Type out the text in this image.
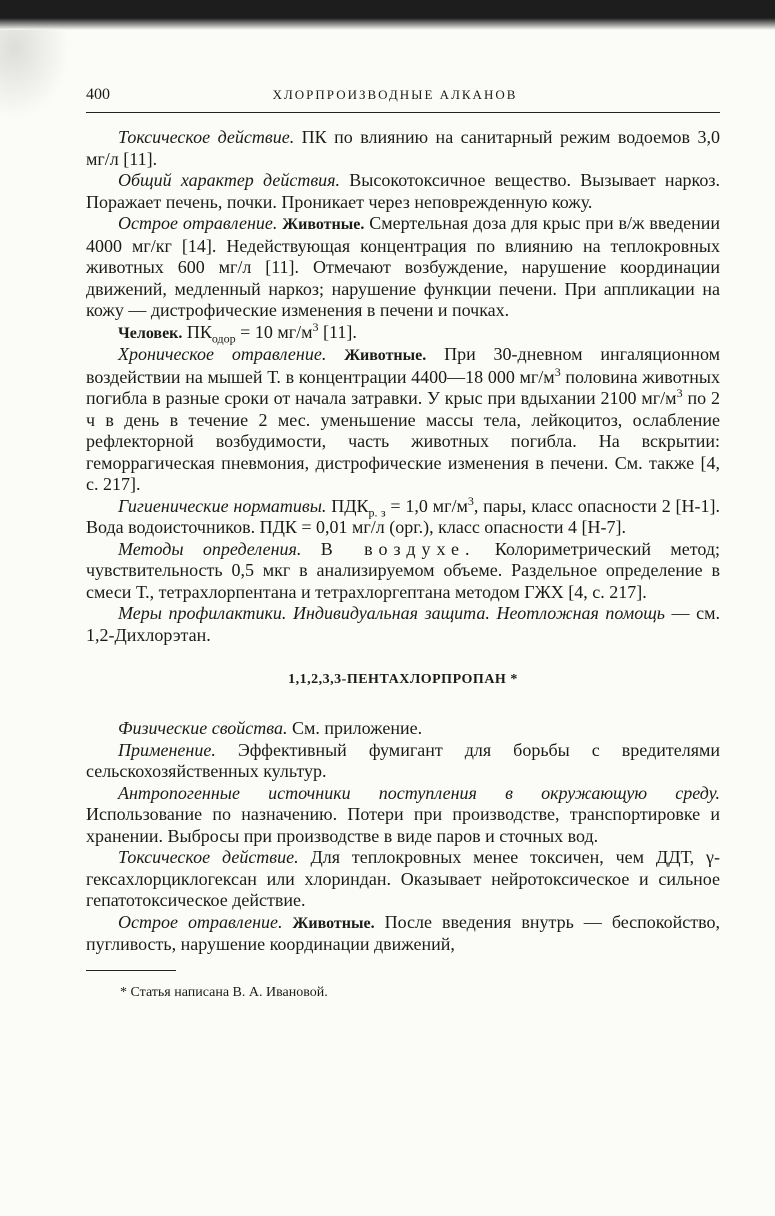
400	ХЛОРПРОИЗВОДНЫЕ АЛКАНОВ

Токсическое действие. ПК по влиянию на санитарный режим водоемов 3,0 мг/л [11].

Общий характер действия. Высокотоксичное вещество. Вызывает наркоз. Поражает печень, почки. Проникает через неповрежденную кожу.

Острое отравление. Животные. Смертельная доза для крыс при в/ж введении 4000 мг/кг [14]. Недействующая концентрация по влиянию на теплокровных животных 600 мг/л [11]. Отмечают возбуждение, нарушение координации движений, медленный наркоз; нарушение функции печени. При аппликации на кожу — дистрофические изменения в печени и почках.

Человек. $ПК_{одор} = 10$ $мг/м^3$ [11].

Хроническое отравление. Животные. При 30-дневном ингаляционном воздействии на мышей Т. в концентрации 4400—18 000 $мг/м^3$ половина животных погибла в разные сроки от начала затравки. У крыс при вдыхании 2100 $мг/м^3$ по 2 ч в день в течение 2 мес. уменьшение массы тела, лейкоцитоз, ослабление рефлекторной возбудимости, часть животных погибла. На вскрытии: геморрагическая пневмония, дистрофические изменения в печени. См. также [4, с. 217].

Гигиенические нормативы. $ПДК_{р. з} = 1,0$ $мг/м^3$, пары, класс опасности 2 [Н-1]. Вода водоисточников. ПДК = 0,01 мг/л (орг.), класс опасности 4 [Н-7].

Методы определения. В воздухе. Колориметрический метод; чувствительность 0,5 мкг в анализируемом объеме. Раздельное определение в смеси Т., тетрахлорпентана и тетрахлоргептана методом ГЖХ [4, с. 217].

Меры профилактики. Индивидуальная защита. Неотложная помощь — см. 1,2-Дихлорэтан.

1,1,2,3,3-ПЕНТАХЛОРПРОПАН *

Физические свойства. См. приложение.

Применение. Эффективный фумигант для борьбы с вредителями сельскохозяйственных культур.

Антропогенные источники поступления в окружающую среду. Использование по назначению. Потери при производстве, транспортировке и хранении. Выбросы при производстве в виде паров и сточных вод.

Токсическое действие. Для теплокровных менее токсичен, чем ДДТ, γ-гексахлорциклогексан или хлориндан. Оказывает нейротоксическое и сильное гепатотоксическое действие.

Острое отравление. Животные. После введения внутрь — беспокойство, пугливость, нарушение координации движений,

* Статья написана В. А. Ивановой.
